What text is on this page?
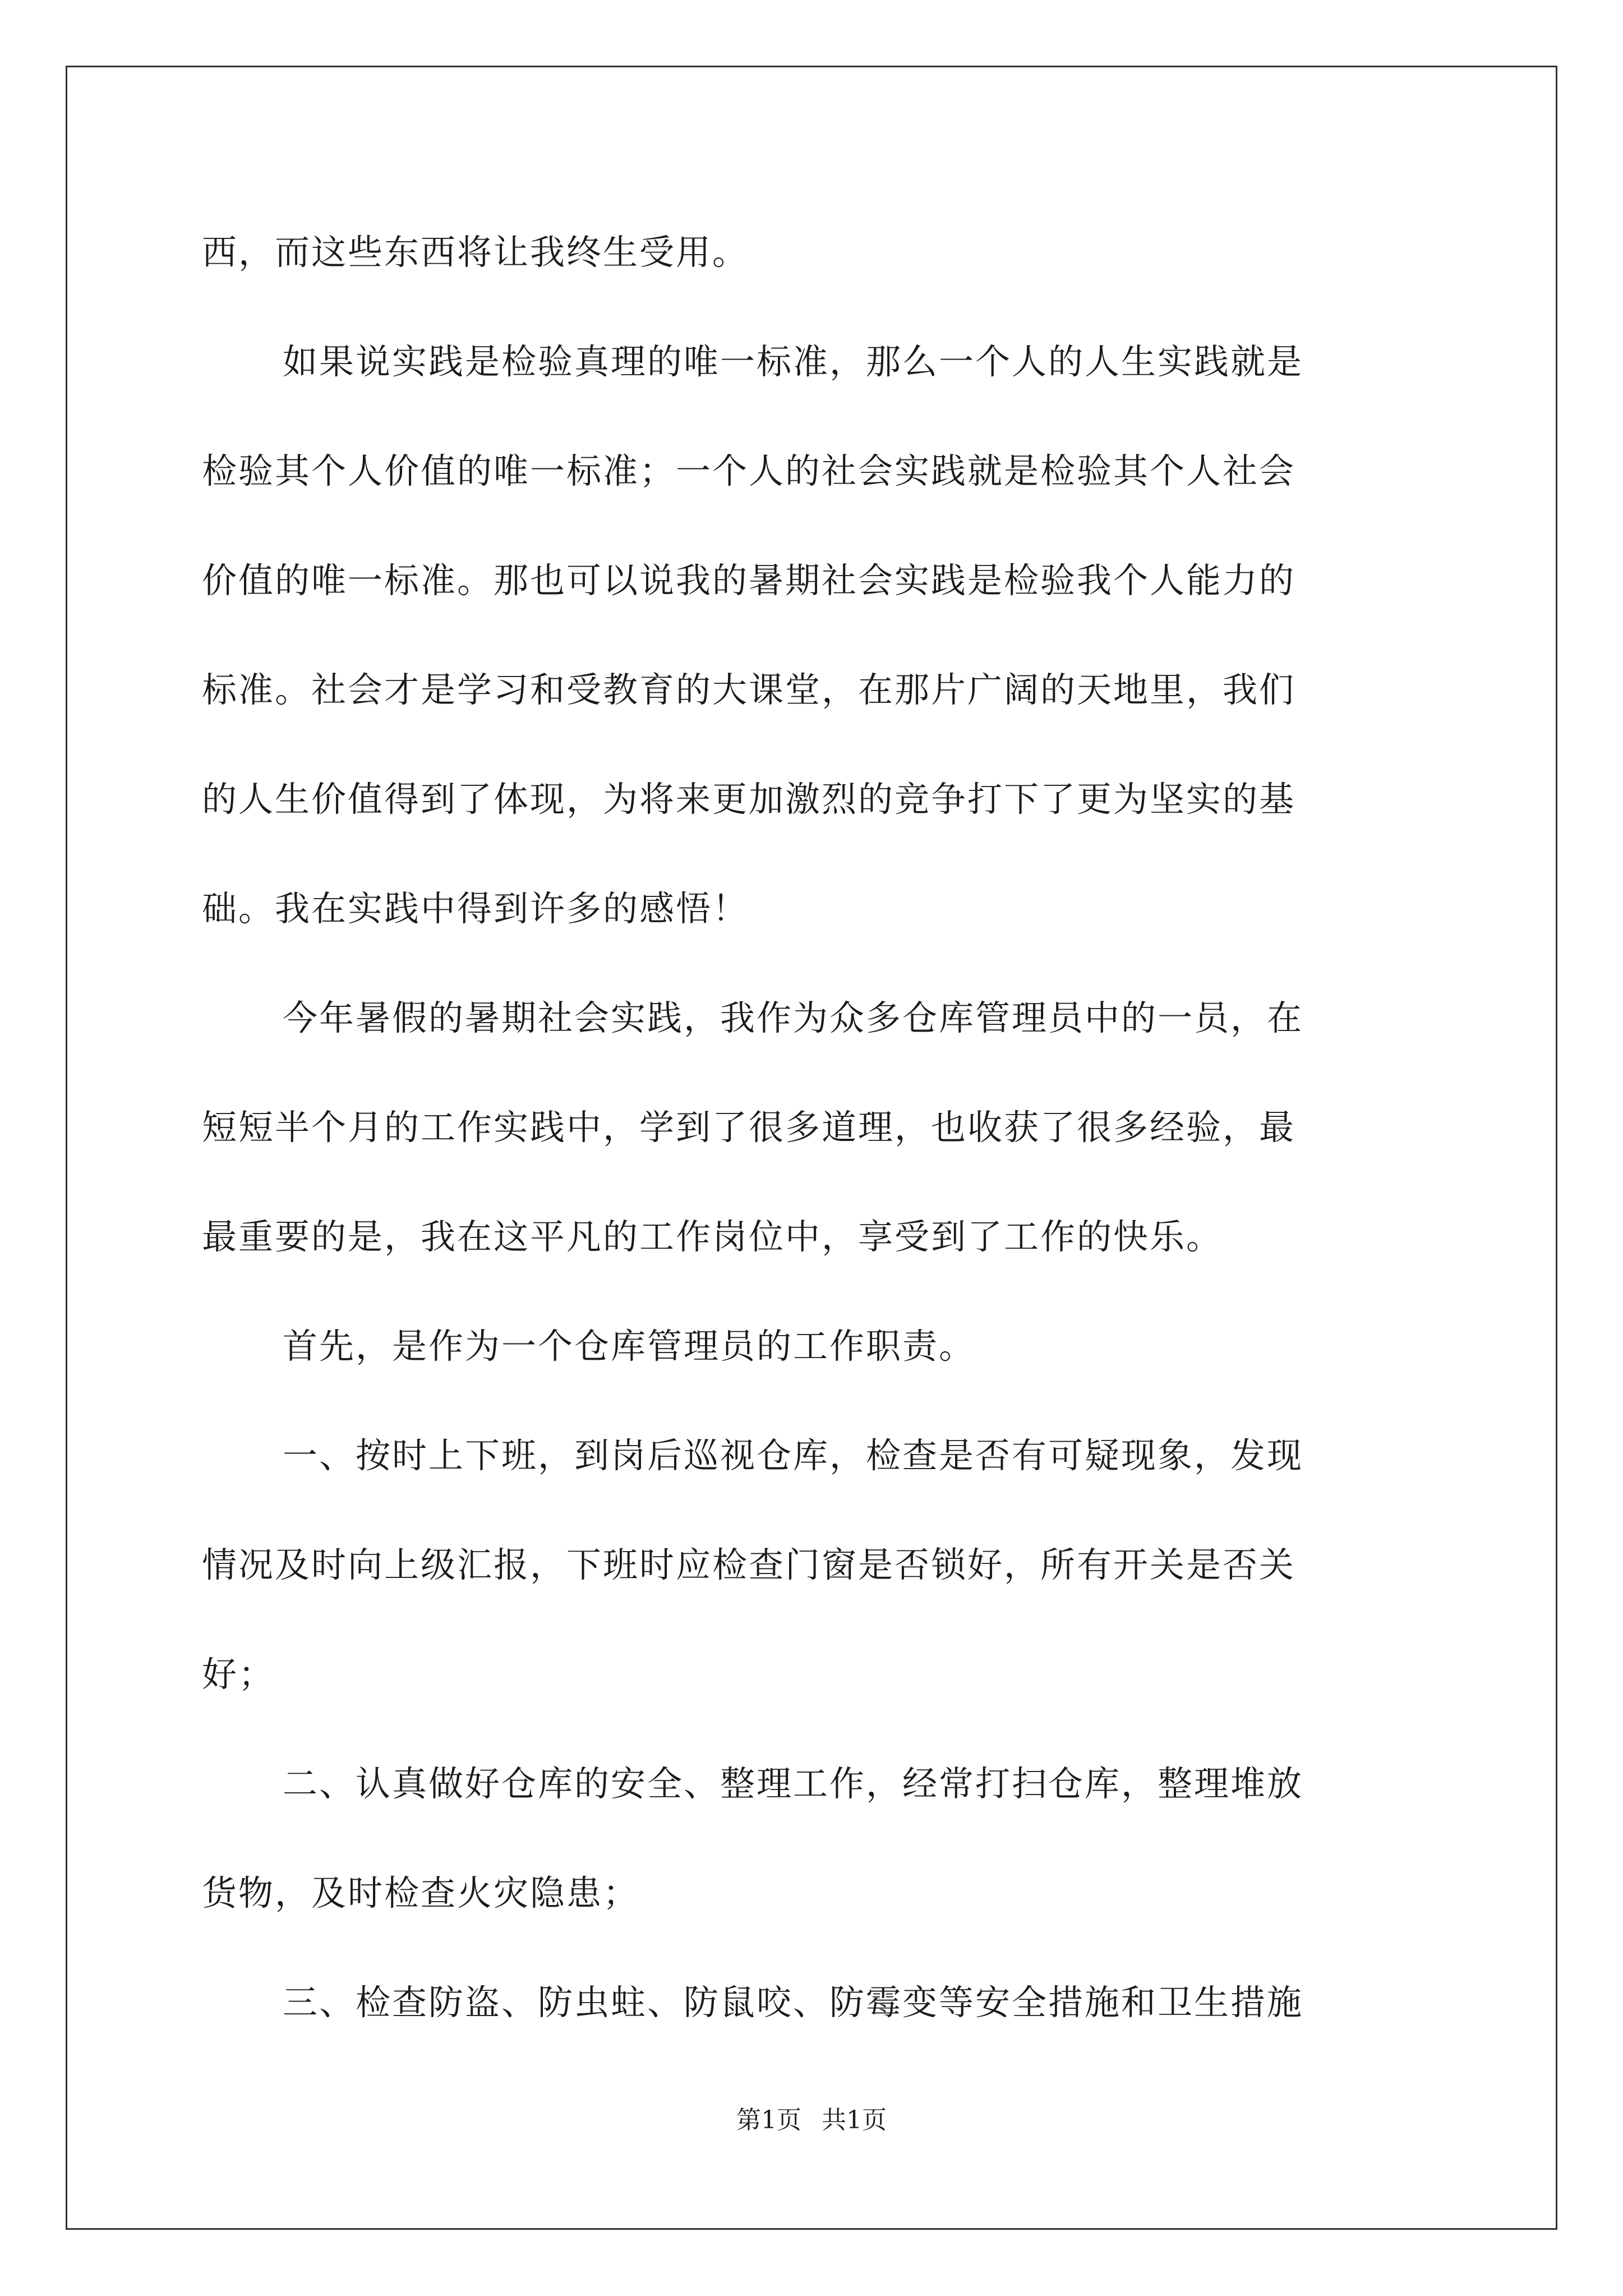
西，而这些东西将让我终生受用。
如果说实践是检验真理的唯一标准，那么一个人的人生实践就是
检验其个人价值的唯一标准；一个人的社会实践就是检验其个人社会
价值的唯一标准。那也可以说我的暑期社会实践是检验我个人能力的
标准。社会才是学习和受教育的大课堂，在那片广阔的天地里，我们
的人生价值得到了体现，为将来更加激烈的竞争打下了更为坚实的基
础。我在实践中得到许多的感悟！
今年暑假的暑期社会实践，我作为众多仓库管理员中的一员，在
短短半个月的工作实践中，学到了很多道理，也收获了很多经验，最
最重要的是，我在这平凡的工作岗位中，享受到了工作的快乐。
首先，是作为一个仓库管理员的工作职责。
一、按时上下班，到岗后巡视仓库，检查是否有可疑现象，发现
情况及时向上级汇报，下班时应检查门窗是否锁好，所有开关是否关
好；
二、认真做好仓库的安全、整理工作，经常打扫仓库，整理堆放
货物，及时检查火灾隐患；
三、检查防盗、防虫蛀、防鼠咬、防霉变等安全措施和卫生措施
第1页 共1页
